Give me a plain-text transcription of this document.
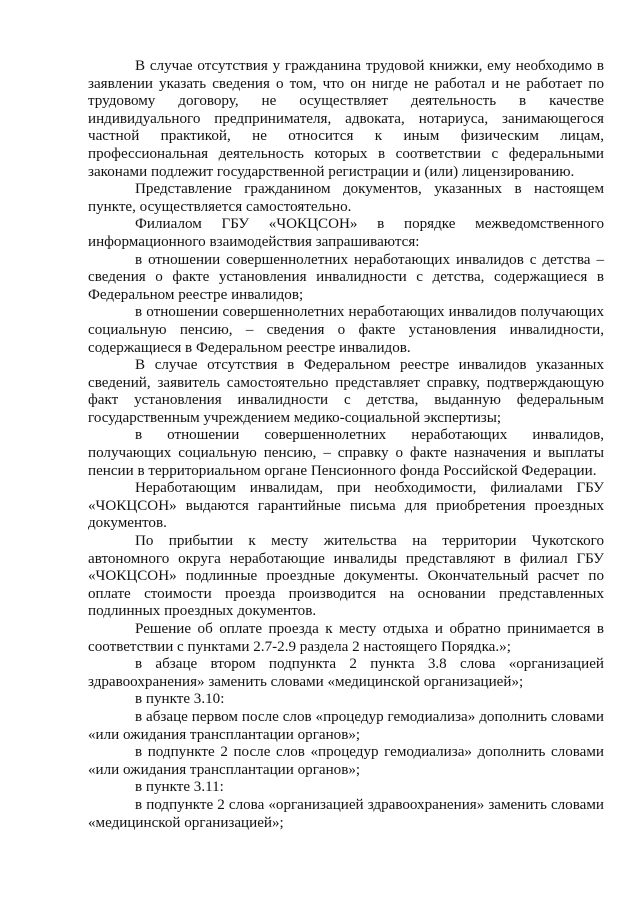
В случае отсутствия у гражданина трудовой книжки, ему необходимо в заявлении указать сведения о том, что он нигде не работал и не работает по трудовому договору, не осуществляет деятельность в качестве индивидуального предпринимателя, адвоката, нотариуса, занимающегося частной практикой, не относится к иным физическим лицам, профессиональная деятельность которых в соответствии с федеральными законами подлежит государственной регистрации и (или) лицензированию.

Представление гражданином документов, указанных в настоящем пункте, осуществляется самостоятельно.

Филиалом ГБУ «ЧОКЦСОН» в порядке межведомственного информационного взаимодействия запрашиваются:

в отношении совершеннолетних неработающих инвалидов с детства – сведения о факте установления инвалидности с детства, содержащиеся в Федеральном реестре инвалидов;

в отношении совершеннолетних неработающих инвалидов получающих социальную пенсию, – сведения о факте установления инвалидности, содержащиеся в Федеральном реестре инвалидов.

В случае отсутствия в Федеральном реестре инвалидов указанных сведений, заявитель самостоятельно представляет справку, подтверждающую факт установления инвалидности с детства, выданную федеральным государственным учреждением медико-социальной экспертизы;

в отношении совершеннолетних неработающих инвалидов, получающих социальную пенсию, – справку о факте назначения и выплаты пенсии в территориальном органе Пенсионного фонда Российской Федерации.

Неработающим инвалидам, при необходимости, филиалами ГБУ «ЧОКЦСОН» выдаются гарантийные письма для приобретения проездных документов.

По прибытии к месту жительства на территории Чукотского автономного округа неработающие инвалиды представляют в филиал ГБУ «ЧОКЦСОН» подлинные проездные документы. Окончательный расчет по оплате стоимости проезда производится на основании представленных подлинных проездных документов.

Решение об оплате проезда к месту отдыха и обратно принимается в соответствии с пунктами 2.7-2.9 раздела 2 настоящего Порядка.»;

в абзаце втором подпункта 2 пункта 3.8 слова «организацией здравоохранения» заменить словами «медицинской организацией»;

в пункте 3.10:

в абзаце первом после слов «процедур гемодиализа» дополнить словами «или ожидания трансплантации органов»;

в подпункте 2 после слов «процедур гемодиализа» дополнить словами «или ожидания трансплантации органов»;

в пункте 3.11:

в подпункте 2 слова «организацией здравоохранения» заменить словами «медицинской организацией»;
